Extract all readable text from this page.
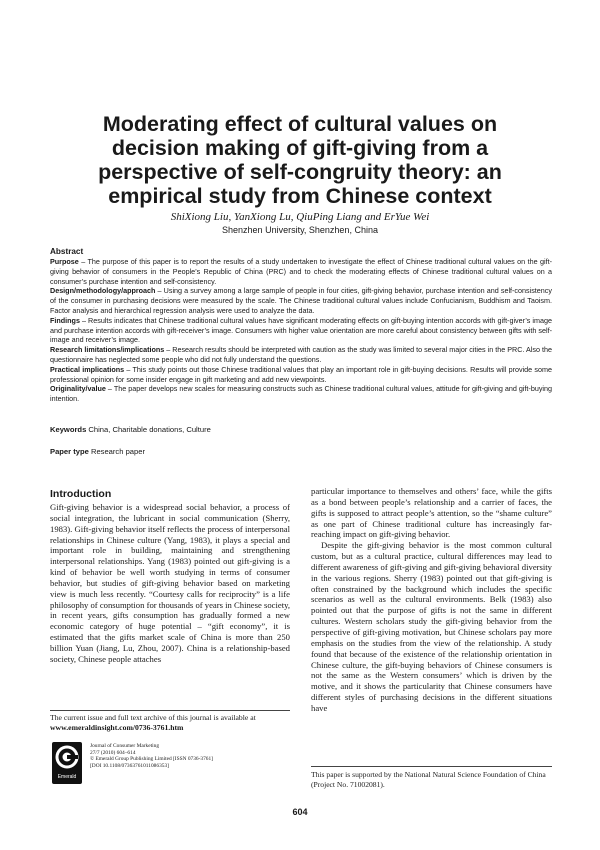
Moderating effect of cultural values on decision making of gift-giving from a perspective of self-congruity theory: an empirical study from Chinese context
ShiXiong Liu, YanXiong Lu, QiuPing Liang and ErYue Wei
Shenzhen University, Shenzhen, China
Abstract

Purpose – The purpose of this paper is to report the results of a study undertaken to investigate the effect of Chinese traditional cultural values on the gift-giving behavior of consumers in the People’s Republic of China (PRC) and to check the moderating effects of Chinese traditional cultural values on a consumer’s purchase intention and self-consistency.

Design/methodology/approach – Using a survey among a large sample of people in four cities, gift-giving behavior, purchase intention and self-consistency of the consumer in purchasing decisions were measured by the scale. The Chinese traditional cultural values include Confucianism, Buddhism and Taoism. Factor analysis and hierarchical regression analysis were used to analyze the data.

Findings – Results indicates that Chinese traditional cultural values have significant moderating effects on gift-buying intention accords with gift-giver’s image and purchase intention accords with gift-receiver’s image. Consumers with higher value orientation are more careful about consistency between gifts with self-image and receiver’s image.

Research limitations/implications – Research results should be interpreted with caution as the study was limited to several major cities in the PRC. Also the questionnaire has neglected some people who did not fully understand the questions.

Practical implications – This study points out those Chinese traditional values that play an important role in gift-buying decisions. Results will provide some professional opinion for some insider engage in gift marketing and add new viewpoints.

Originality/value – The paper develops new scales for measuring constructs such as Chinese traditional cultural values, attitude for gift-giving and gift-buying intention.

Keywords China, Charitable donations, Culture
Paper type Research paper
Introduction

Gift-giving behavior is a widespread social behavior, a process of social integration, the lubricant in social communication (Sherry, 1983). Gift-giving behavior itself reflects the process of interpersonal relationships in Chinese culture (Yang, 1983), it plays a special and important role in building, maintaining and strengthening interpersonal relationships. Yang (1983) pointed out gift-giving is a kind of behavior be well worth studying in terms of consumer behavior, but studies of gift-giving behavior based on marketing view is much less recently. “Courtesy calls for reciprocity” is a life philosophy of consumption for thousands of years in Chinese society, in recent years, gifts consumption has gradually formed a new economic category of huge potential – “gift economy”, it is estimated that the gifts market scale of China is more than 250 billion Yuan (Jiang, Lu, Zhou, 2007). China is a relationship-based society, Chinese people attaches

particular importance to themselves and others’ face, while the gifts as a bond between people’s relationship and a carrier of faces, the gifts is supposed to attract people’s attention, so the “shame culture” as one part of Chinese traditional culture has increasingly far-reaching impact on gift-giving behavior.

Despite the gift-giving behavior is the most common cultural custom, but as a cultural practice, cultural differences may lead to different awareness of gift-giving and gift-giving behavioral diversity in the various regions. Sherry (1983) pointed out that gift-giving is often constrained by the background which includes the specific scenarios as well as the cultural environments. Belk (1983) also pointed out that the purpose of gifts is not the same in different cultures. Western scholars study the gift-giving behavior from the perspective of gift-giving motivation, but Chinese scholars pay more emphasis on the studies from the view of the relationship. A study found that because of the existence of the relationship orientation in Chinese culture, the gift-buying behaviors of Chinese consumers is not the same as the Western consumers’ which is driven by the motive, and it shows the particularity that Chinese consumers have different styles of purchasing decisions in the different situations have

The current issue and full text archive of this journal is available at
www.emeraldinsight.com/0736-3761.htm
Emerald
Journal of Consumer Marketing
27/7 (2010) 604–614
© Emerald Group Publishing Limited [ISSN 0736-3761]
[DOI 10.1108/07363761011086353]
This paper is supported by the National Natural Science Foundation of China (Project No. 71002081).
604
